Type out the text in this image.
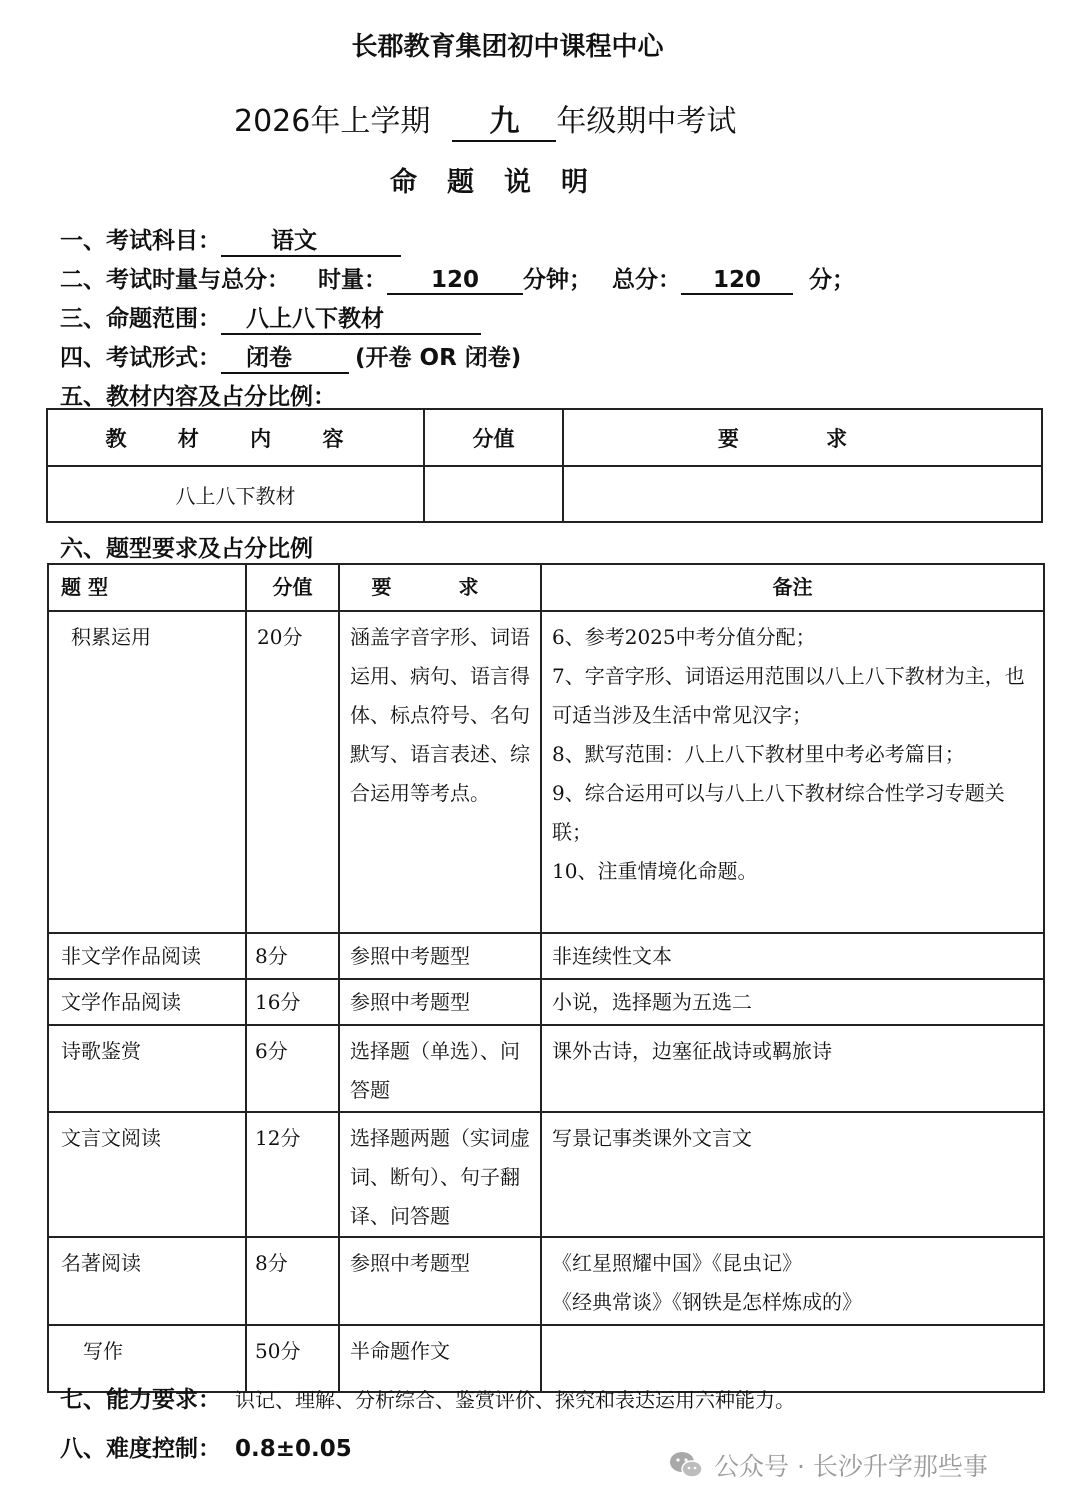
长郡教育集团初中课程中心
2026年上学期 九 年级期中考试
命题说明
一、考试科目： 语文
二、考试时量与总分： 时量： 120 分钟； 总分： 120 分；
三、命题范围： 八上八下教材
四、考试形式： 闭卷	(开卷 OR 闭卷)
五、教材内容及占分比例：
教 材 内 容	分值	要 求
八上八下教材		
六、题型要求及占分比例
题 型	分值	要 求	备注
积累运用	20分	涵盖字音字形、词语运用、病句、语言得体、标点符号、名句默写、语言表述、综合运用等考点。	6、参考2025中考分值分配；
7、字音字形、词语运用范围以八上八下教材为主，也可适当涉及生活中常见汉字；
8、默写范围：八上八下教材里中考必考篇目；
9、综合运用可以与八上八下教材综合性学习专题关联；
10、注重情境化命题。

非文学作品阅读	8分	参照中考题型	非连续性文本
文学作品阅读	16分	参照中考题型	小说，选择题为五选二
诗歌鉴赏	6分	选择题（单选）、问答题	课外古诗，边塞征战诗或羁旅诗
文言文阅读	12分	选择题两题（实词虚词、断句）、句子翻译、问答题	写景记事类课外文言文
名著阅读	8分	参照中考题型	《红星照耀中国》《昆虫记》
《经典常谈》《钢铁是怎样炼成的》

写作	50分	半命题作文	
七、能力要求： 识记、理解、分析综合、鉴赏评价、探究和表达运用六种能力。
八、难度控制： 0.8±0.05
公众号 · 长沙升学那些事
